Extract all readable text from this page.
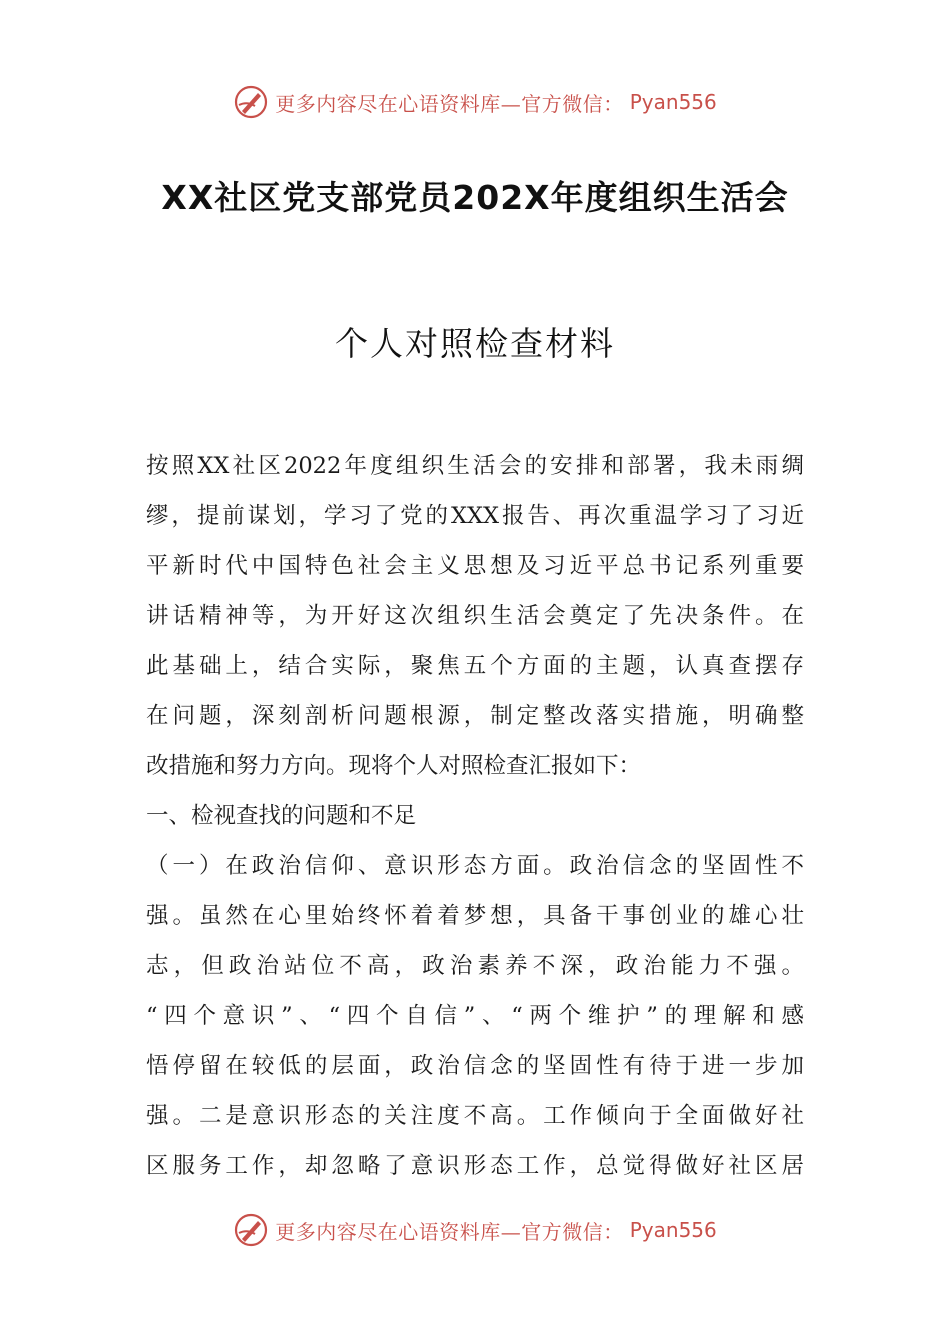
更多内容尽在心语资料库—官方微信： Pyan556
XX社区党支部党员202X年度组织生活会
个人对照检查材料
按照XX社区2022年度组织生活会的安排和部署，我未雨绸
缪，提前谋划，学习了党的XXX报告、再次重温学习了习近
平新时代中国特色社会主义思想及习近平总书记系列重要
讲话精神等，为开好这次组织生活会奠定了先决条件。在
此基础上，结合实际，聚焦五个方面的主题，认真查摆存
在问题，深刻剖析问题根源，制定整改落实措施，明确整
改措施和努力方向。现将个人对照检查汇报如下：
一、检视查找的问题和不足
（一）在政治信仰、意识形态方面。政治信念的坚固性不
强。虽然在心里始终怀着着梦想，具备干事创业的雄心壮
志，但政治站位不高，政治素养不深，政治能力不强。
“四个意识”、“四个自信”、“两个维护”的理解和感
悟停留在较低的层面，政治信念的坚固性有待于进一步加
强。二是意识形态的关注度不高。工作倾向于全面做好社
区服务工作，却忽略了意识形态工作，总觉得做好社区居
更多内容尽在心语资料库—官方微信： Pyan556
